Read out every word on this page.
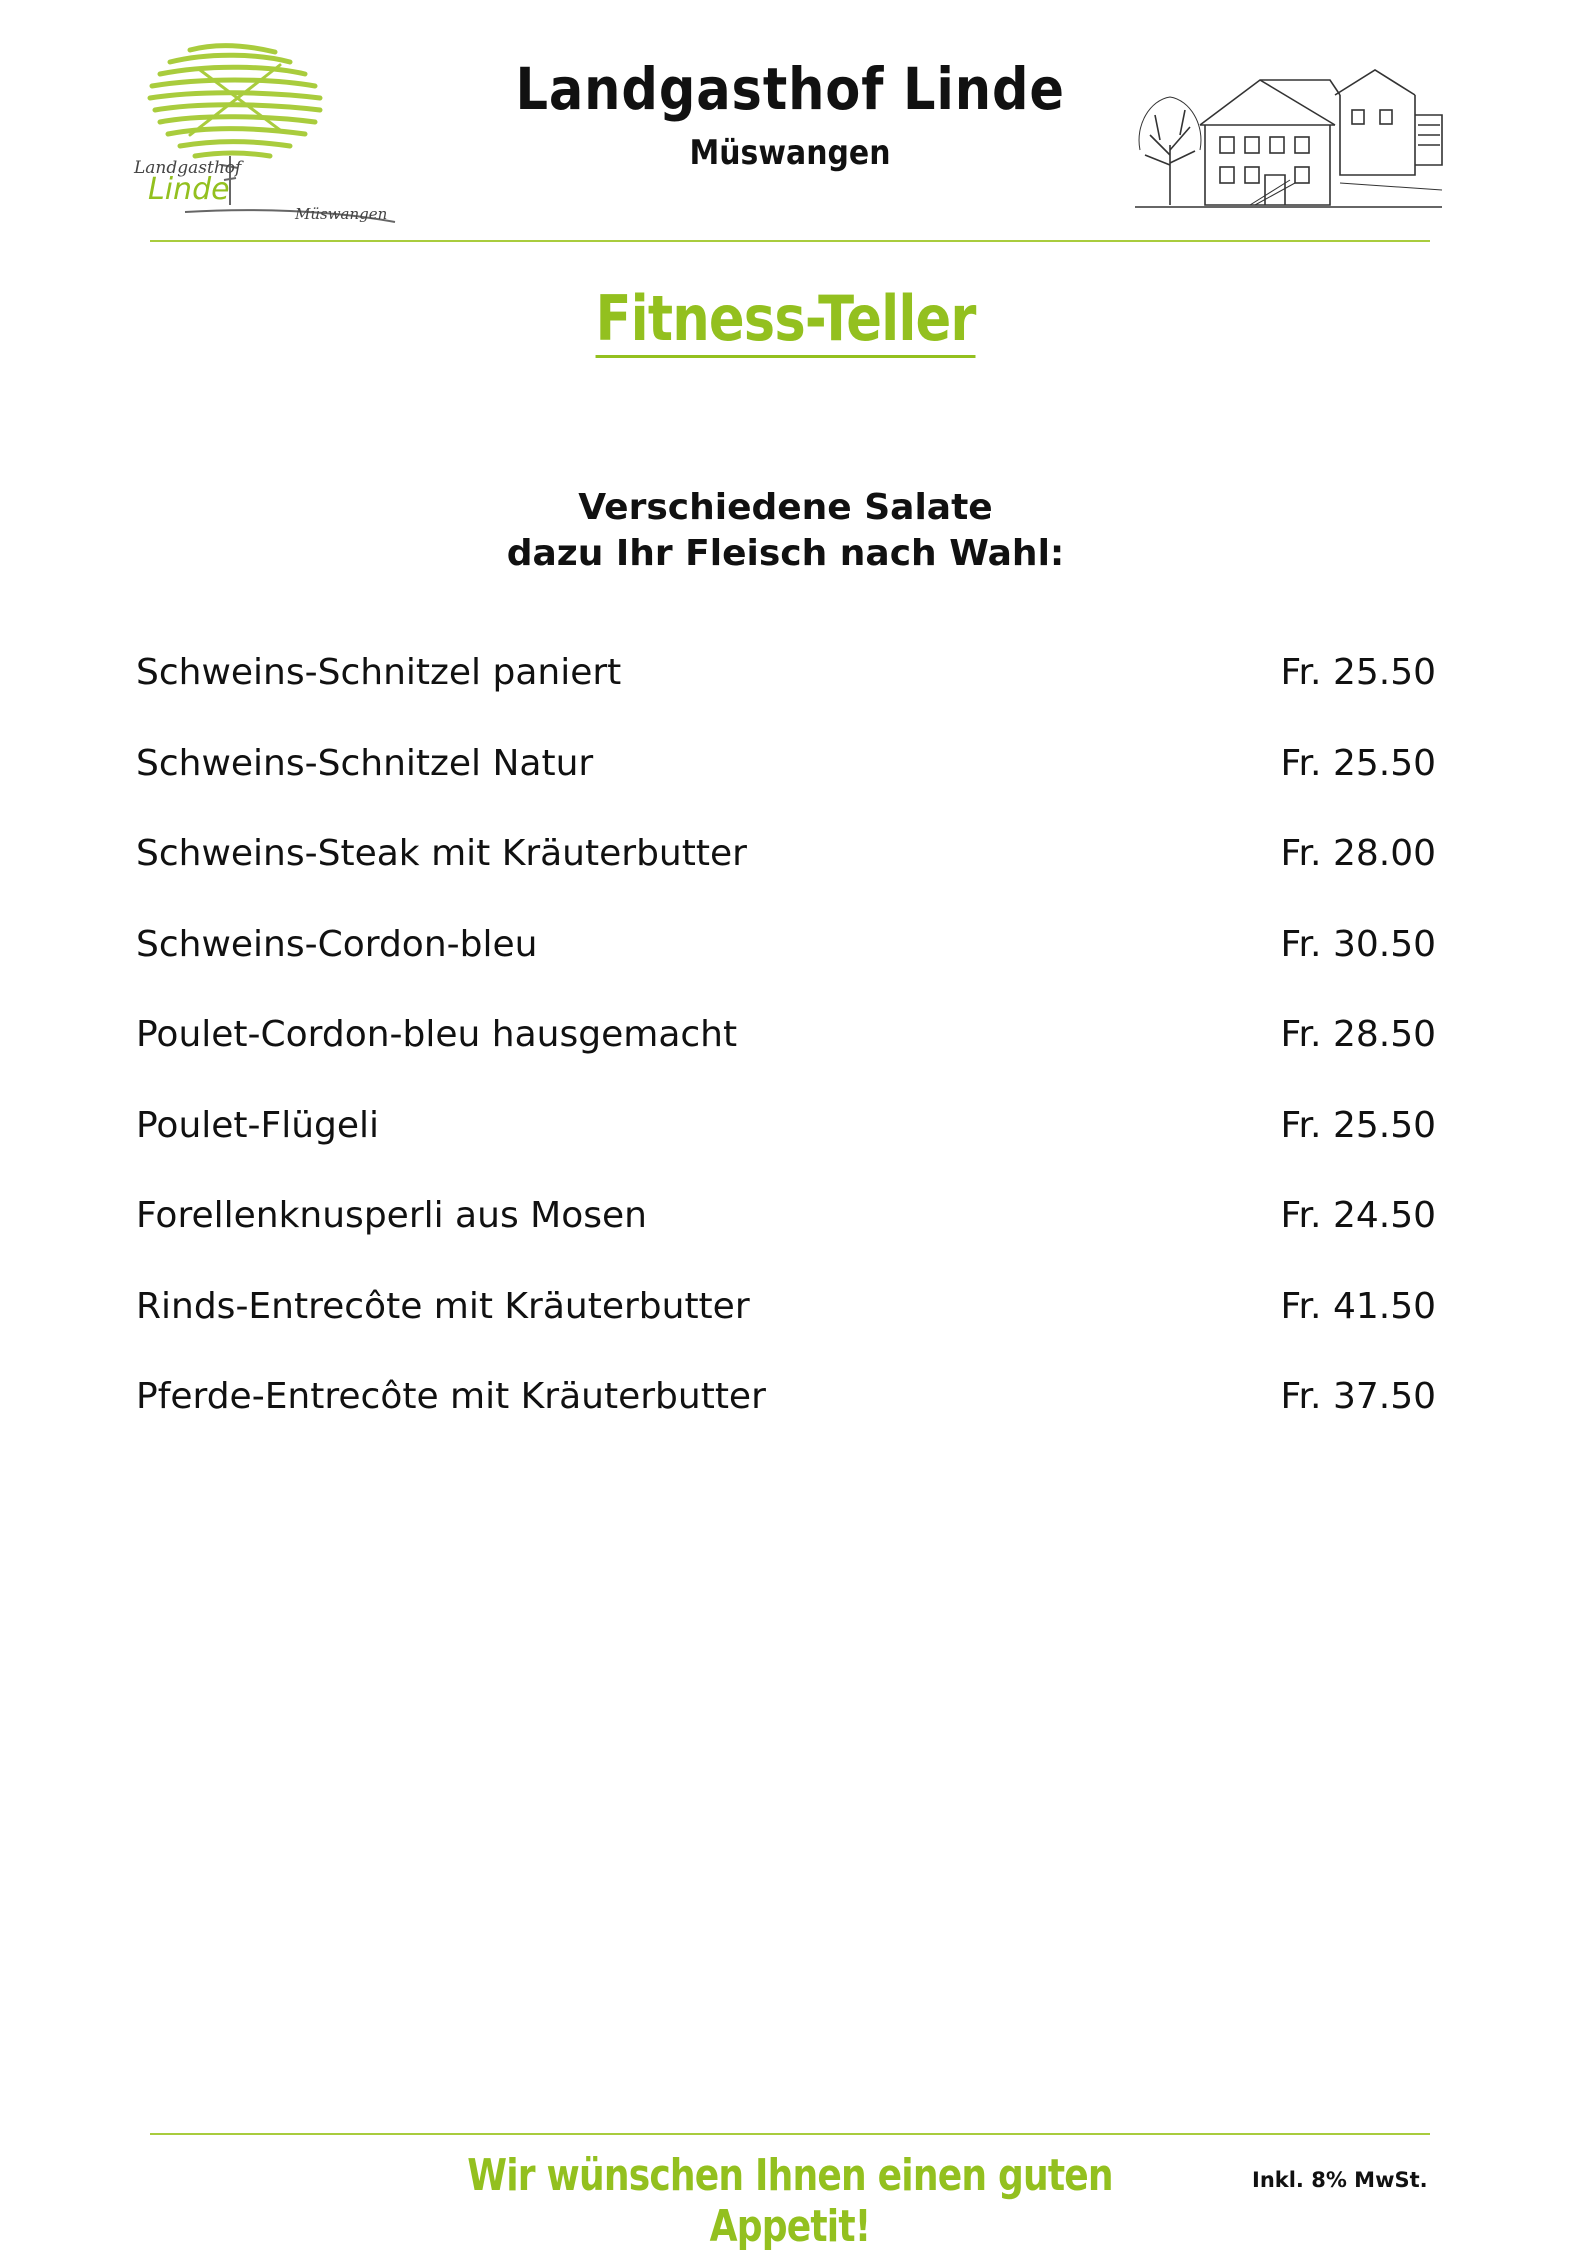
Landgasthof
Linde
Müswangen
Landgasthof Linde
Müswangen
Fitness-Teller
Verschiedene Salate
dazu Ihr Fleisch nach Wahl:
Schweins-Schnitzel paniert	Fr. 25.50
Schweins-Schnitzel Natur	Fr. 25.50
Schweins-Steak mit Kräuterbutter	Fr. 28.00
Schweins-Cordon-bleu	Fr. 30.50
Poulet-Cordon-bleu hausgemacht	Fr. 28.50
Poulet-Flügeli	Fr. 25.50
Forellenknusperli aus Mosen	Fr. 24.50
Rinds-Entrecôte mit Kräuterbutter	Fr. 41.50
Pferde-Entrecôte mit Kräuterbutter	Fr. 37.50
Wir wünschen Ihnen einen guten Appetit!
Inkl. 8% MwSt.
